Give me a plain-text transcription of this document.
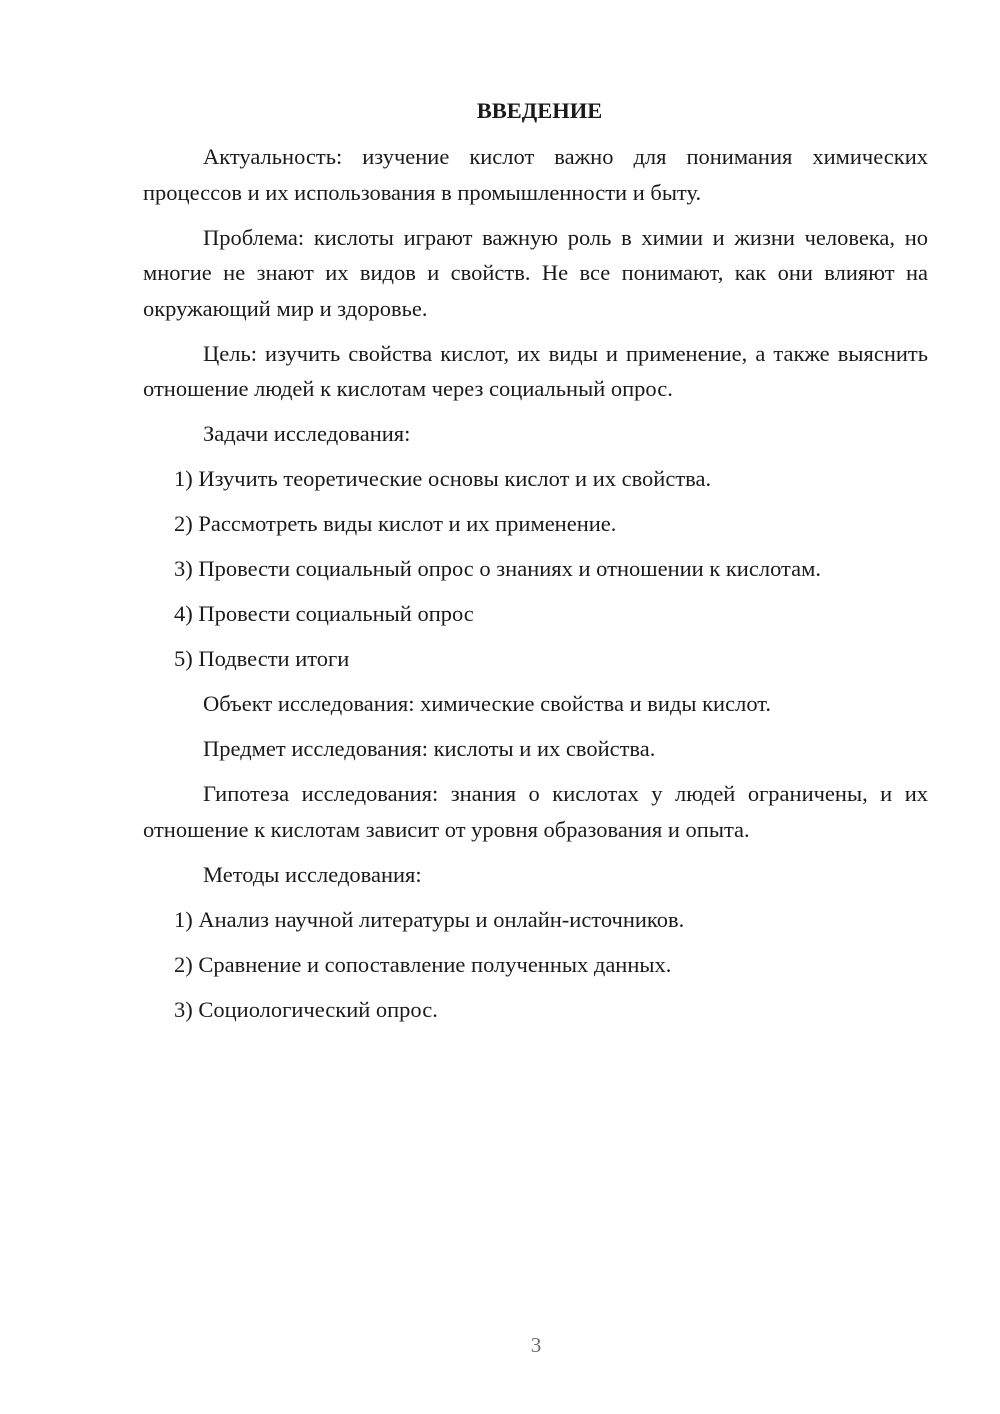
ВВЕДЕНИЕ

Актуальность: изучение кислот важно для понимания химических процессов и их использования в промышленности и быту.

Проблема: кислоты играют важную роль в химии и жизни человека, но многие не знают их видов и свойств. Не все понимают, как они влияют на окружающий мир и здоровье.

Цель: изучить свойства кислот, их виды и применение, а также выяснить отношение людей к кислотам через социальный опрос.

Задачи исследования:

1) Изучить теоретические основы кислот и их свойства.

2) Рассмотреть виды кислот и их применение.

3) Провести социальный опрос о знаниях и отношении к кислотам.

4) Провести социальный опрос

5) Подвести итоги

Объект исследования: химические свойства и виды кислот.

Предмет исследования: кислоты и их свойства.

Гипотеза исследования: знания о кислотах у людей ограничены, и их отношение к кислотам зависит от уровня образования и опыта.

Методы исследования:

1) Анализ научной литературы и онлайн-источников.

2) Сравнение и сопоставление полученных данных.

3) Социологический опрос.

3
